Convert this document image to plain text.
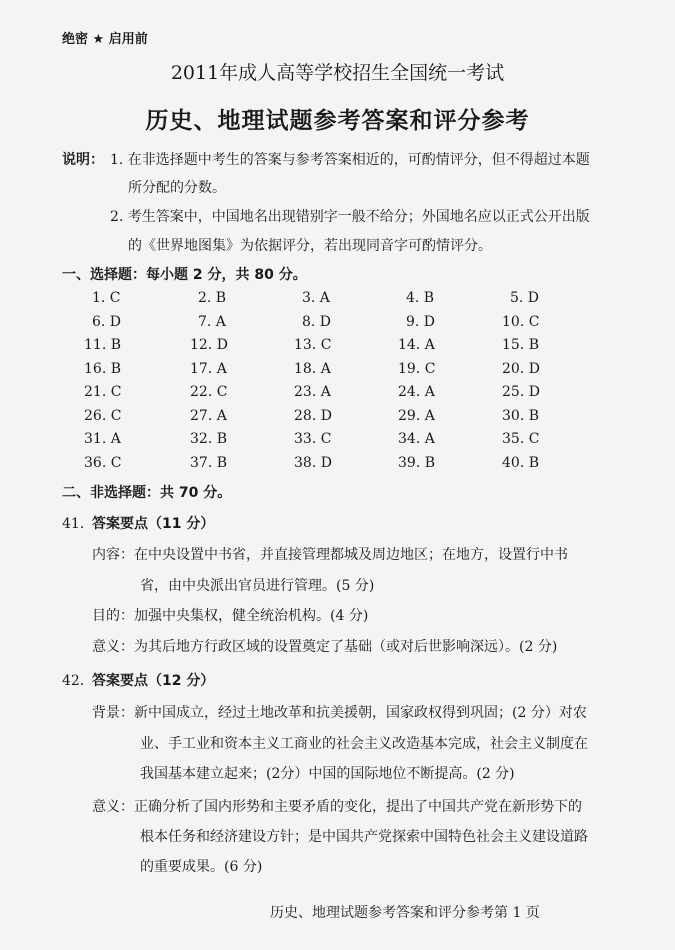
绝密 ★ 启用前
2011年成人高等学校招生全国统一考试
历史、地理试题参考答案和评分参考
说明： 1. 在非选择题中考生的答案与参考答案相近的，可酌情评分，但不得超过本题
所分配的分数。
2. 考生答案中，中国地名出现错别字一般不给分；外国地名应以正式公开出版
的《世界地图集》为依据评分，若出现同音字可酌情评分。
一、选择题：每小题 2 分，共 80 分。
1. C	2. B	3. A	4. B	5. D
6. D	7. A	8. D	9. D	10. C
11. B	12. D	13. C	14. A	15. B
16. B	17. A	18. A	19. C	20. D
21. C	22. C	23. A	24. A	25. D
26. C	27. A	28. D	29. A	30. B
31. A	32. B	33. C	34. A	35. C
36. C	37. B	38. D	39. B	40. B
二、非选择题：共 70 分。
41. 答案要点（11 分）
内容：在中央设置中书省，并直接管理都城及周边地区；在地方，设置行中书
省，由中央派出官员进行管理。(5 分)
目的：加强中央集权，健全统治机构。(4 分)
意义：为其后地方行政区域的设置奠定了基础（或对后世影响深远）。(2 分)
42. 答案要点（12 分）
背景：新中国成立，经过土地改革和抗美援朝，国家政权得到巩固；(2 分）对农
业、手工业和资本主义工商业的社会主义改造基本完成，社会主义制度在
我国基本建立起来；(2分）中国的国际地位不断提高。(2 分)
意义：正确分析了国内形势和主要矛盾的变化，提出了中国共产党在新形势下的
根本任务和经济建设方针；是中国共产党探索中国特色社会主义建设道路
的重要成果。(6 分)
历史、地理试题参考答案和评分参考第 1 页
